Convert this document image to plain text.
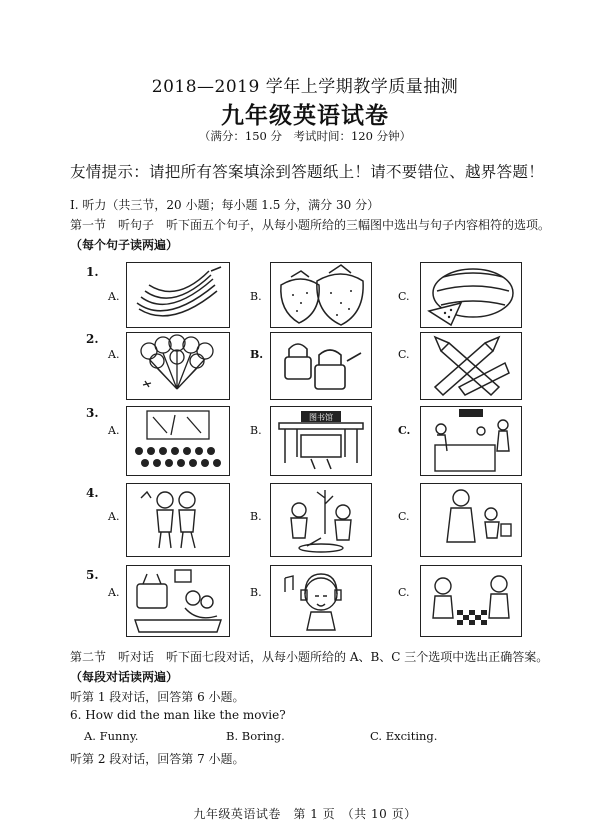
2018—2019 学年上学期教学质量抽测
九年级英语试卷
（满分：150 分　考试时间：120 分钟）
友情提示：请把所有答案填涂到答题纸上！请不要错位、越界答题！
I. 听力（共三节，20 小题；每小题 1.5 分，满分 30 分）
第一节　听句子　听下面五个句子，从每小题所给的三幅图中选出与句子内容相符的选项。
（每个句子读两遍）
1.
A.	B.	C.
2.
A.	B.	C.
3.
A.	B.	C.
图书馆
4.
A.	B.	C.
5.
A.	B.	C.
第二节　听对话　听下面七段对话，从每小题所给的 A、B、C 三个选项中选出正确答案。
（每段对话读两遍）
听第 1 段对话，回答第 6 小题。
6. How did the man like the movie?
A. Funny.	B. Boring.	C. Exciting.
听第 2 段对话，回答第 7 小题。
九年级英语试卷　第 1 页　（共 10 页）
